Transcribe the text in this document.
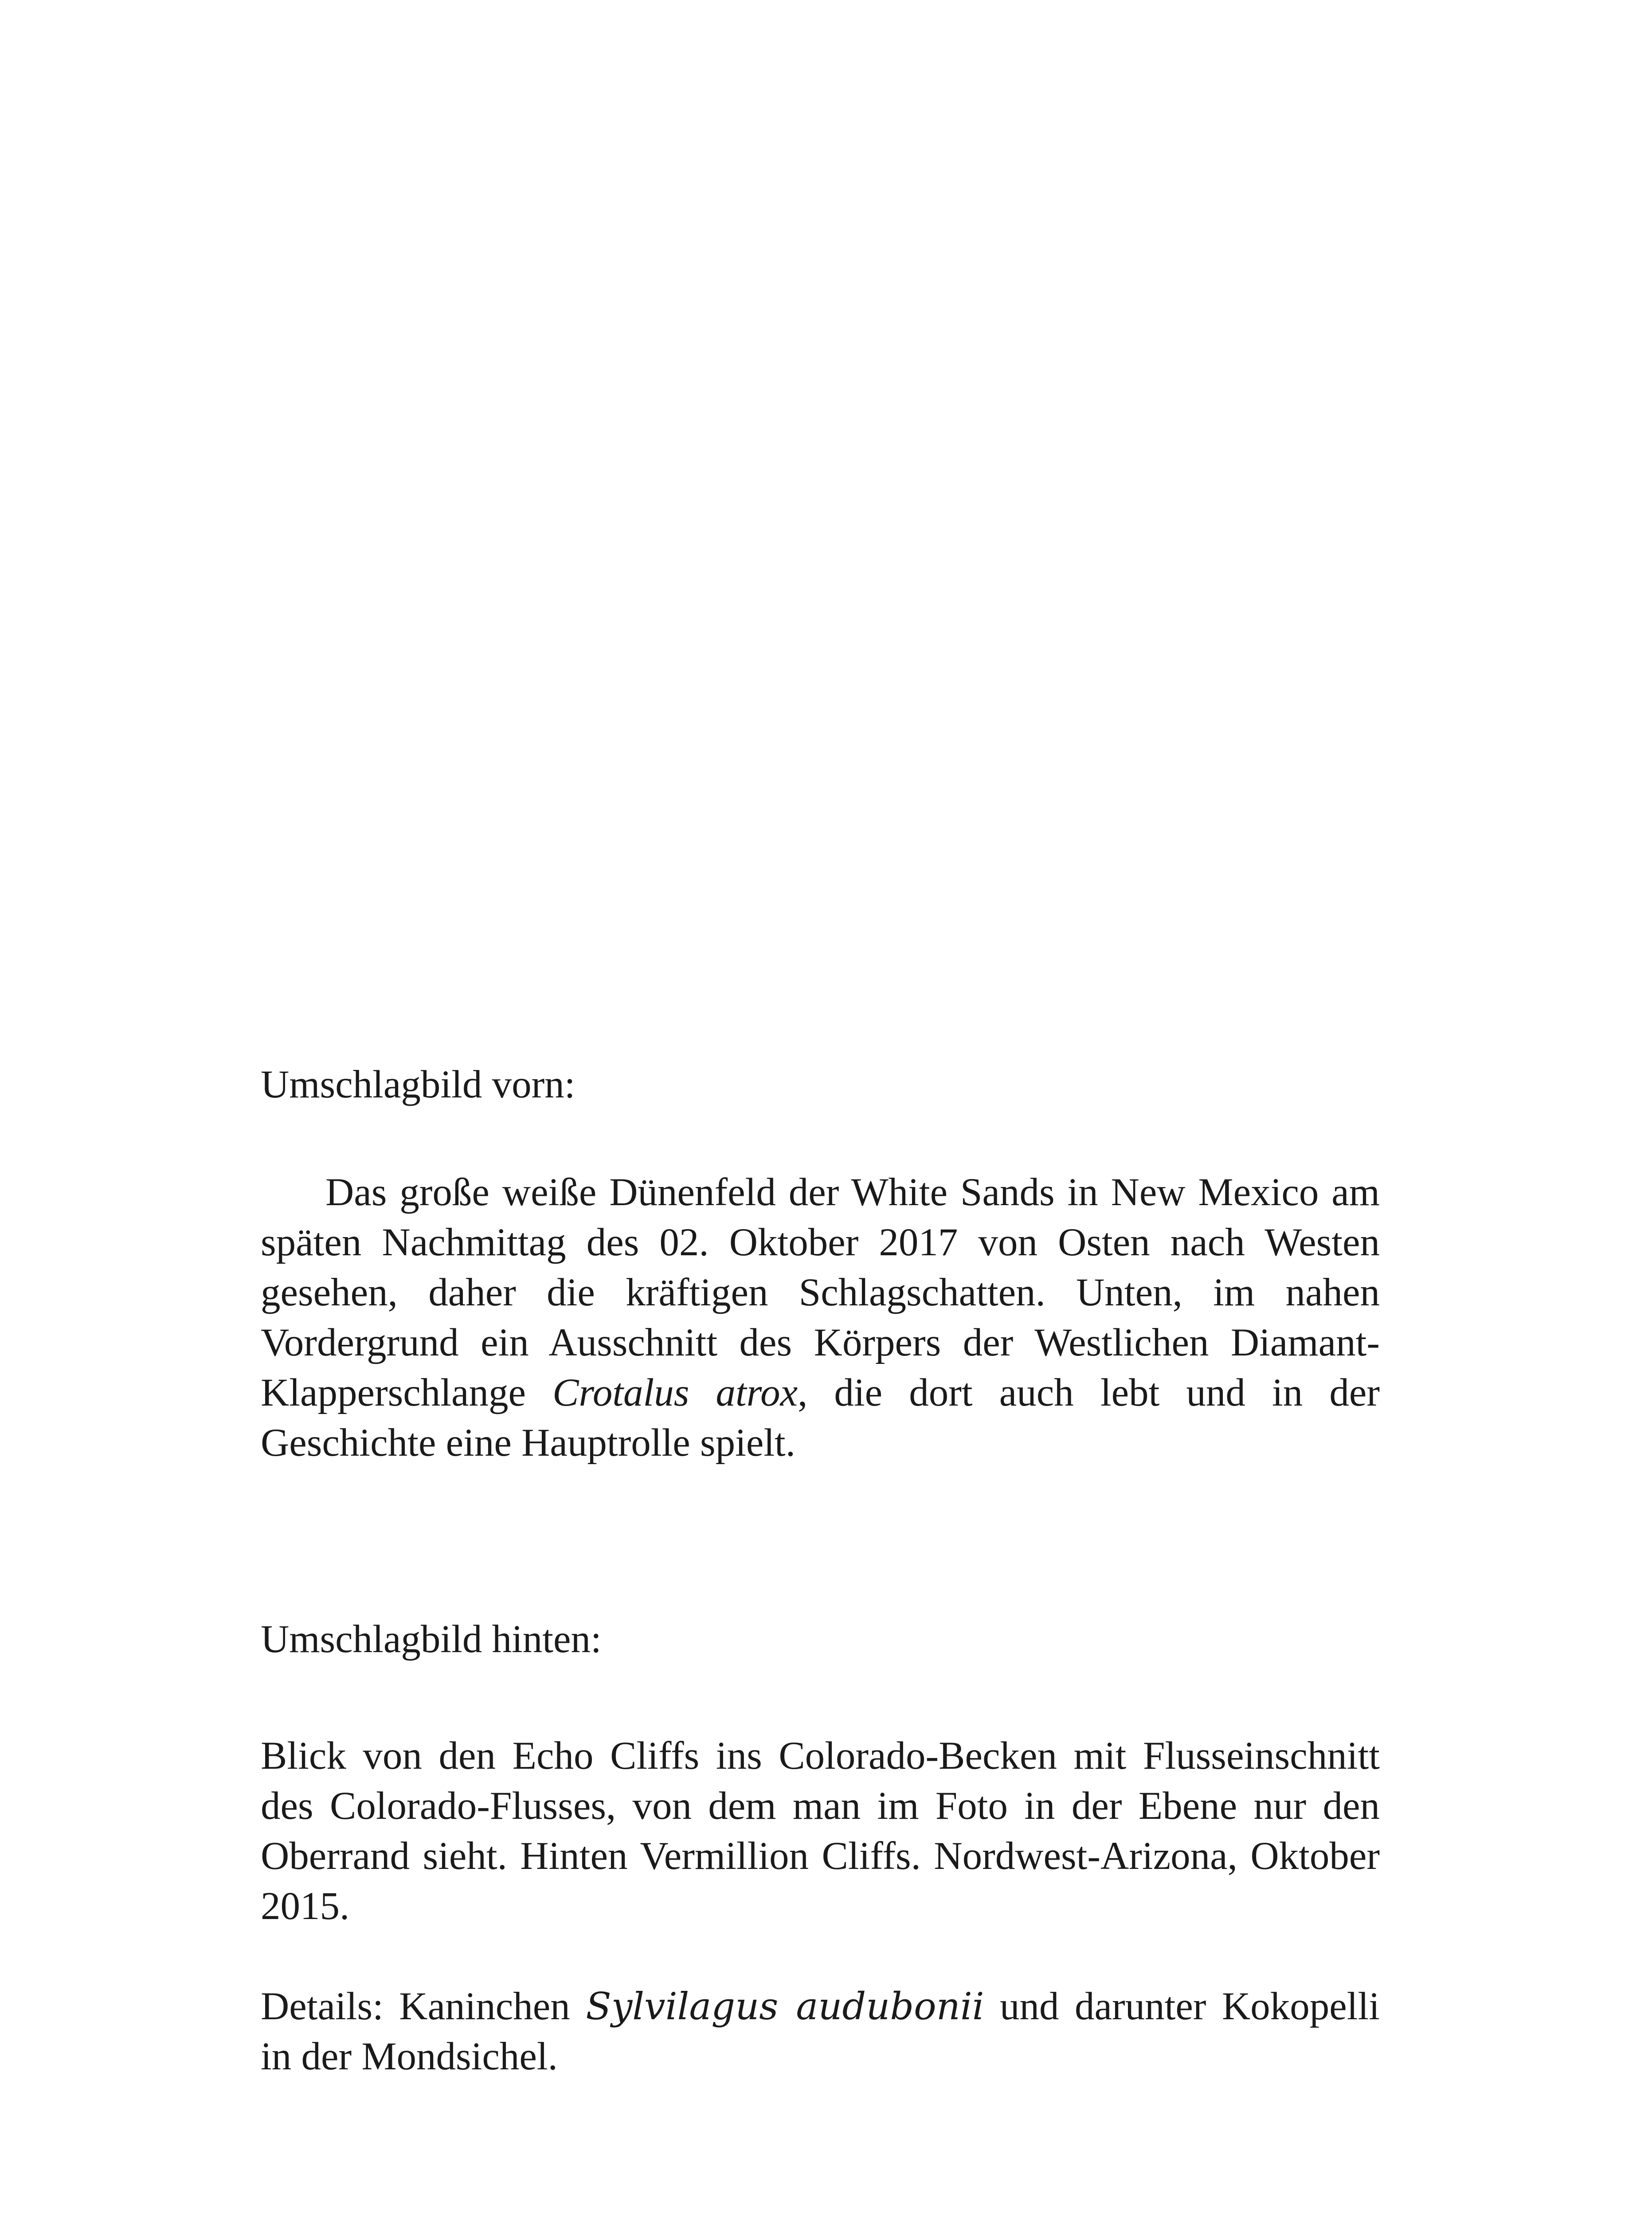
Umschlagbild vorn:

Das große weiße Dünenfeld der White Sands in New Mexico am späten Nachmittag des 02. Oktober 2017 von Osten nach Westen gesehen, daher die kräftigen Schlagschatten. Unten, im nahen Vordergrund ein Ausschnitt des Körpers der Westlichen Diamant-Klapperschlange Crotalus atrox, die dort auch lebt und in der Geschichte eine Hauptrolle spielt.

Umschlagbild hinten:

Blick von den Echo Cliffs ins Colorado-Becken mit Flusseinschnitt des Colorado-Flusses, von dem man im Foto in der Ebene nur den Oberrand sieht. Hinten Vermillion Cliffs. Nordwest-Arizona, Oktober 2015.

Details: Kaninchen Sylvilagus audubonii und darunter Kokopelli in der Mondsichel.
